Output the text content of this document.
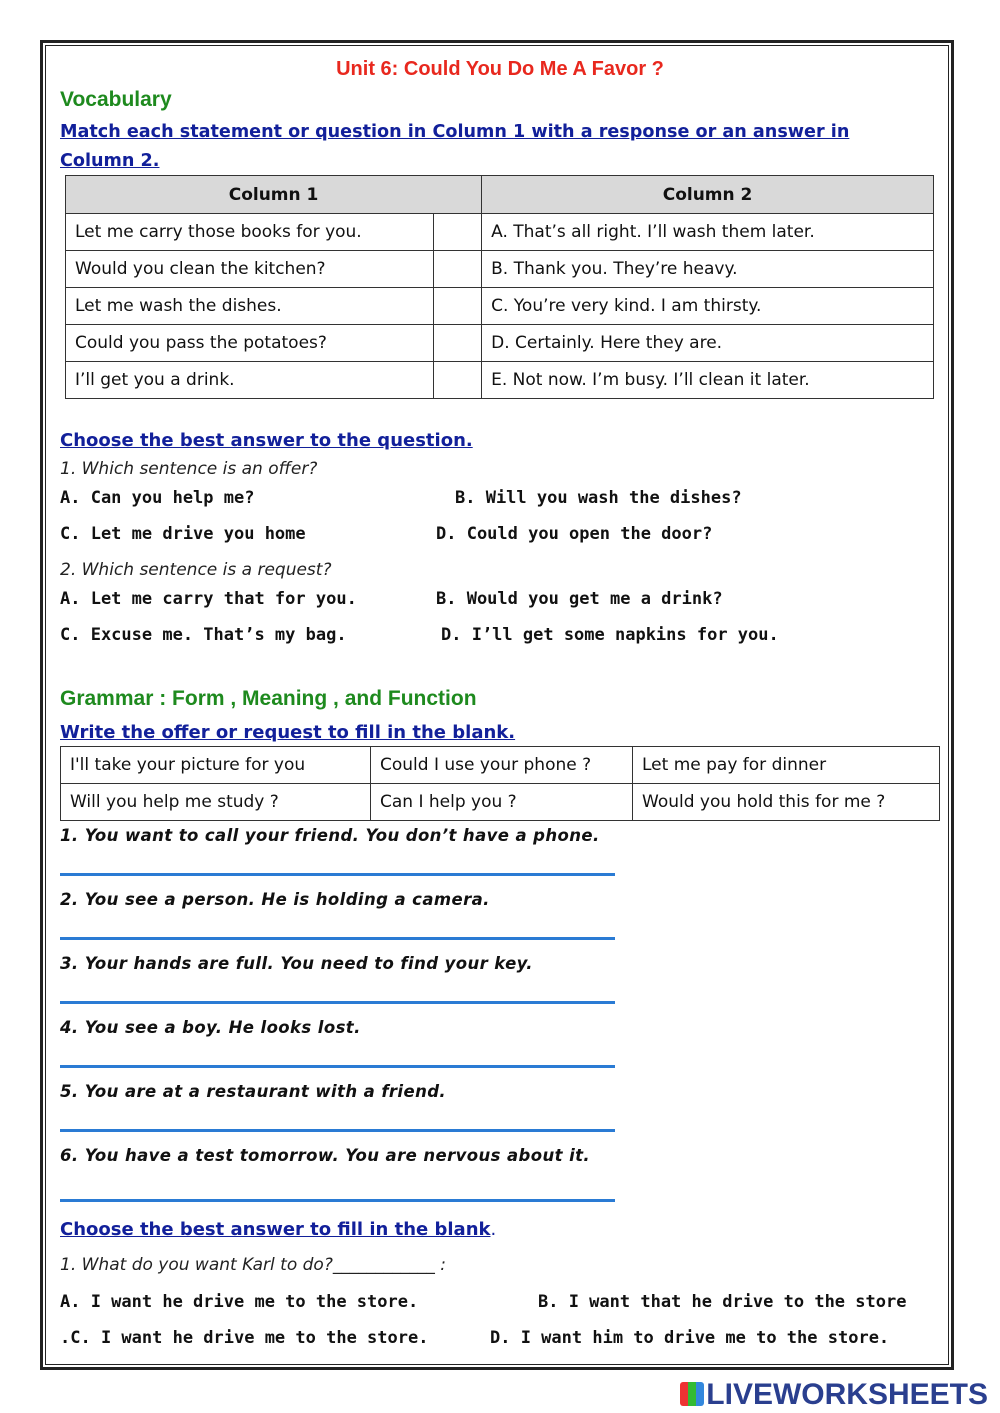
Unit 6: Could You Do Me A Favor ?
Vocabulary
Match each statement or question in Column 1 with a response or an answer in
Column 2.
Column 1		Column 2
Let me carry those books for you.		A. That’s all right. I’ll wash them later.
Would you clean the kitchen?		B. Thank you. They’re heavy.
Let me wash the dishes.		C. You’re very kind. I am thirsty.
Could you pass the potatoes?		D. Certainly. Here they are.
I’ll get you a drink.		E. Not now. I’m busy. I’ll clean it later.
Choose the best answer to the question.
1. Which sentence is an offer?
A. Can you help me?	B. Will you wash the dishes?
C. Let me drive you home	D. Could you open the door?
2. Which sentence is a request?
A. Let me carry that for you.	B. Would you get me a drink?
C. Excuse me. That’s my bag.	D. I’ll get some napkins for you.
Grammar : Form , Meaning , and Function
Write the offer or request to fill in the blank.
I'll take your picture for you	Could I use your phone ?	Let me pay for dinner
Will you help me study ?	Can I help you ?	Would you hold this for me ?
1. You want to call your friend. You don’t have a phone.
2. You see a person. He is holding a camera.
3. Your hands are full. You need to find your key.
4. You see a boy. He looks lost.
5. You are at a restaurant with a friend.
6. You have a test tomorrow. You are nervous about it.
Choose the best answer to fill in the blank.
1. What do you want Karl to do?____________ :
A. I want he drive me to the store.	B. I want that he drive to the store
.C. I want he drive me to the store.	D. I want him to drive me to the store.
LIVEWORKSHEETS
